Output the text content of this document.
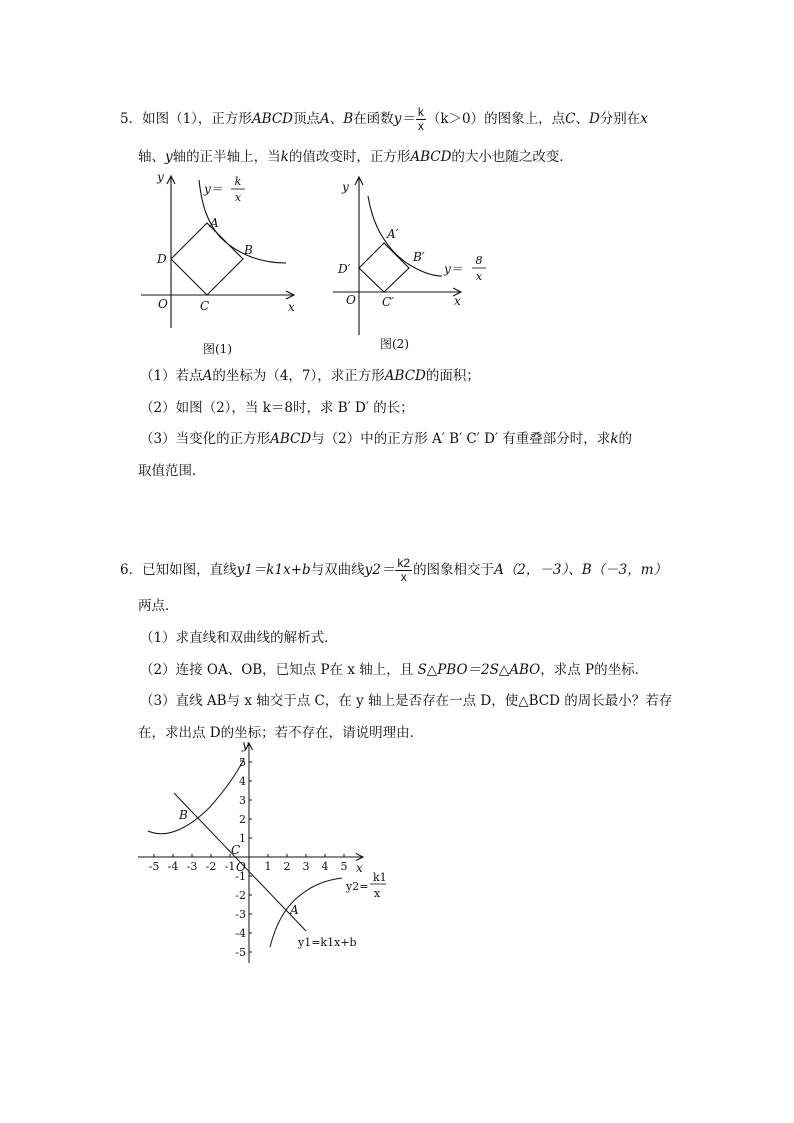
5．如图（1），正方形ABCD顶点A、B在函数$y= \frac{k}{x} (k>0)$的图象上，点C、D分别在x
轴、y轴的正半轴上，当k的值改变时，正方形ABCD的大小也随之改变．
y
x
O	C
D
A
B
y＝
k
x
图(1)
y
x
O C′
D′
A′
B′
y＝
8
x
图(2)
（1）若点A的坐标为（4，7），求正方形ABCD的面积；
（2）如图（2），当 k＝8时，求 B′ D′ 的长；
（3）当变化的正方形ABCD与（2）中的正方形 A′ B′ C′ D′ 有重叠部分时，求k的
取值范围．
6．已知如图，直线y1＝k1x+b与双曲线$y2= \frac{k2}{x}$ 的图象相交于A（2，－3）、B（－3，m）
两点．
（1）求直线和双曲线的解析式．
（2）连接 OA、OB，已知点 P在 x 轴上，且 S△PBO＝2S△ABO，求点 P的坐标．
（3）直线 AB与 x 轴交于点 C，在 y 轴上是否存在一点 D，使△BCD 的周长最小？若存
在，求出点 D的坐标；若不存在，请说明理由．
-5 -4 -3 -2 -1	1 2 3 4 5
5
4
3
2
1
-1
-2
-3
-4
-5
y
x
O
B
C
A
y1=k1x+b
y2=
k1
x
